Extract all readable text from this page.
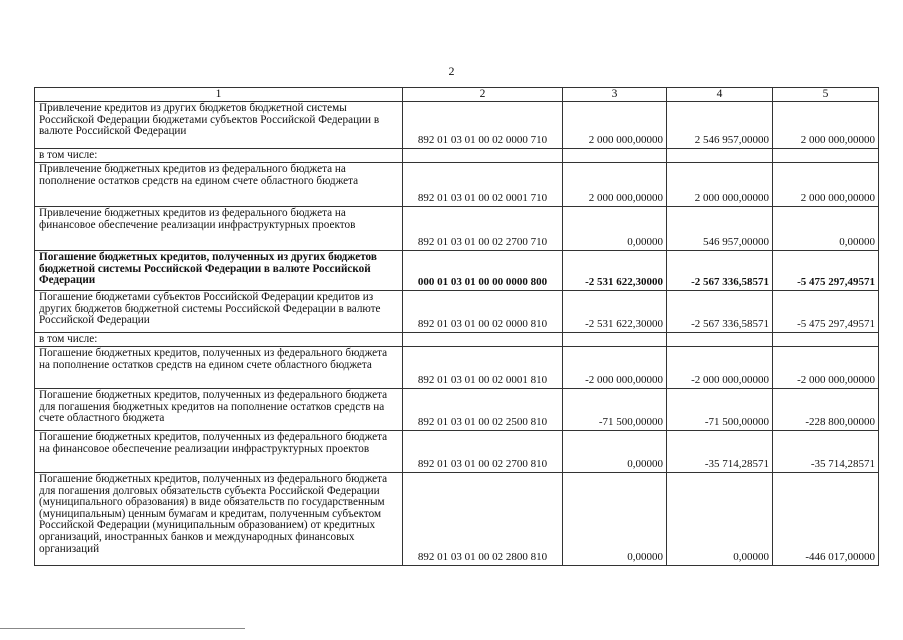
2
1	2	3	4	5
Привлечение кредитов из других бюджетов бюджетной системы Российской Федерации бюджетами субъектов Российской Федерации в валюте Российской Федерации	892 01 03 01 00 02 0000 710	2 000 000,00000	2 546 957,00000	2 000 000,00000
в том числе:				
Привлечение бюджетных кредитов из федерального бюджета на пополнение остатков средств на едином счете областного бюджета	892 01 03 01 00 02 0001 710	2 000 000,00000	2 000 000,00000	2 000 000,00000
Привлечение бюджетных кредитов из федерального бюджета на финансовое обеспечение реализации инфраструктурных проектов	892 01 03 01 00 02 2700 710	0,00000	546 957,00000	0,00000
Погашение бюджетных кредитов, полученных из других бюджетов бюджетной системы Российской Федерации в валюте Российской Федерации	000 01 03 01 00 00 0000 800	-2 531 622,30000	-2 567 336,58571	-5 475 297,49571
Погашение бюджетами субъектов Российской Федерации кредитов из других бюджетов бюджетной системы Российской Федерации в валюте Российской Федерации	892 01 03 01 00 02 0000 810	-2 531 622,30000	-2 567 336,58571	-5 475 297,49571
в том числе:				
Погашение бюджетных кредитов, полученных из федерального бюджета на пополнение остатков средств на едином счете областного бюджета	892 01 03 01 00 02 0001 810	-2 000 000,00000	-2 000 000,00000	-2 000 000,00000
Погашение бюджетных кредитов, полученных из федерального бюджета для погашения бюджетных кредитов на пополнение остатков средств на счете областного бюджета	892 01 03 01 00 02 2500 810	-71 500,00000	-71 500,00000	-228 800,00000
Погашение бюджетных кредитов, полученных из федерального бюджета на финансовое обеспечение реализации инфраструктурных проектов	892 01 03 01 00 02 2700 810	0,00000	-35 714,28571	-35 714,28571
Погашение бюджетных кредитов, полученных из федерального бюджета для погашения долговых обязательств субъекта Российской Федерации (муниципального образования) в виде обязательств по государственным (муниципальным) ценным бумагам и кредитам, полученным субъектом Российской Федерации (муниципальным образованием) от кредитных организаций, иностранных банков и международных финансовых организаций	892 01 03 01 00 02 2800 810	0,00000	0,00000	-446 017,00000
